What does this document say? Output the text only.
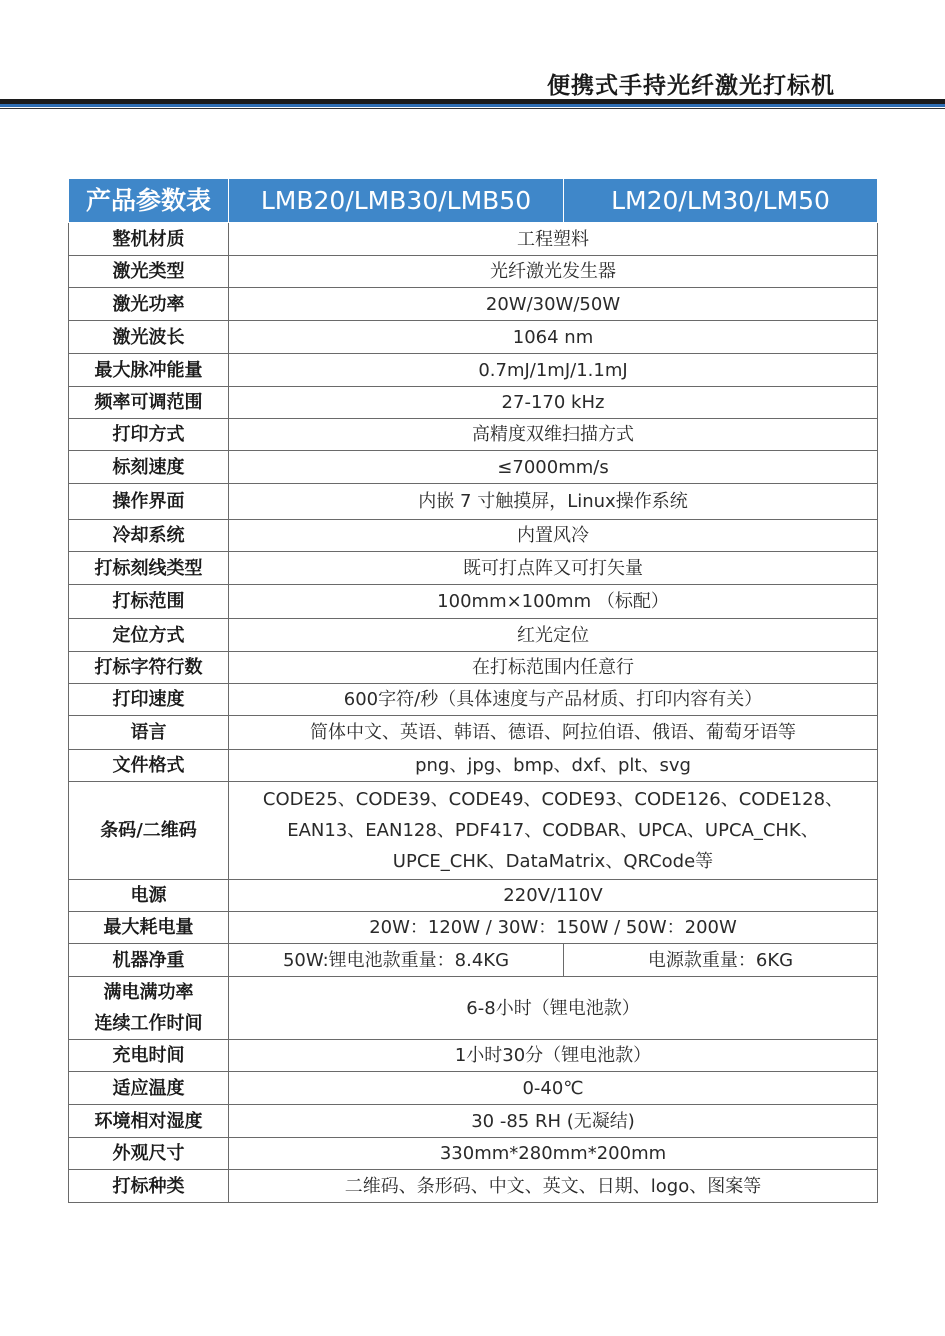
便携式手持光纤激光打标机
产品参数表	LMB20/LMB30/LMB50	LM20/LM30/LM50
整机材质	工程塑料	
激光类型	光纤激光发生器	
激光功率	20W/30W/50W	
激光波长	1064 nm	
最大脉冲能量	0.7mJ/1mJ/1.1mJ	
频率可调范围	27-170 kHz	
打印方式	高精度双维扫描方式	
标刻速度	≤7000mm/s	
操作界面	内嵌 7 寸触摸屏，Linux操作系统	
冷却系统	内置风冷	
打标刻线类型	既可打点阵又可打矢量	
打标范围	100mm×100mm （标配）	
定位方式	红光定位	
打标字符行数	在打标范围内任意行	
打印速度	600字符/秒（具体速度与产品材质、打印内容有关）	
语言	简体中文、英语、韩语、德语、阿拉伯语、俄语、葡萄牙语等	
文件格式	png、jpg、bmp、dxf、plt、svg	
条码/二维码	CODE25、CODE39、CODE49、CODE93、CODE126、CODE128、
EAN13、EAN128、PDF417、CODBAR、UPCA、UPCA_CHK、
UPCE_CHK、DataMatrix、QRCode等	

电源	220V/110V	
最大耗电量	20W：120W / 30W：150W / 50W：200W	
机器净重	50W:锂电池款重量：8.4KG	电源款重量：6KG

满电满功率
连续工作时间	6-8小时（锂电池款）	
充电时间	1小时30分（锂电池款）	
适应温度	0-40℃	
环境相对湿度	30 -85 RH (无凝结)	
外观尺寸	330mm*280mm*200mm	
打标种类	二维码、条形码、中文、英文、日期、logo、图案等	
